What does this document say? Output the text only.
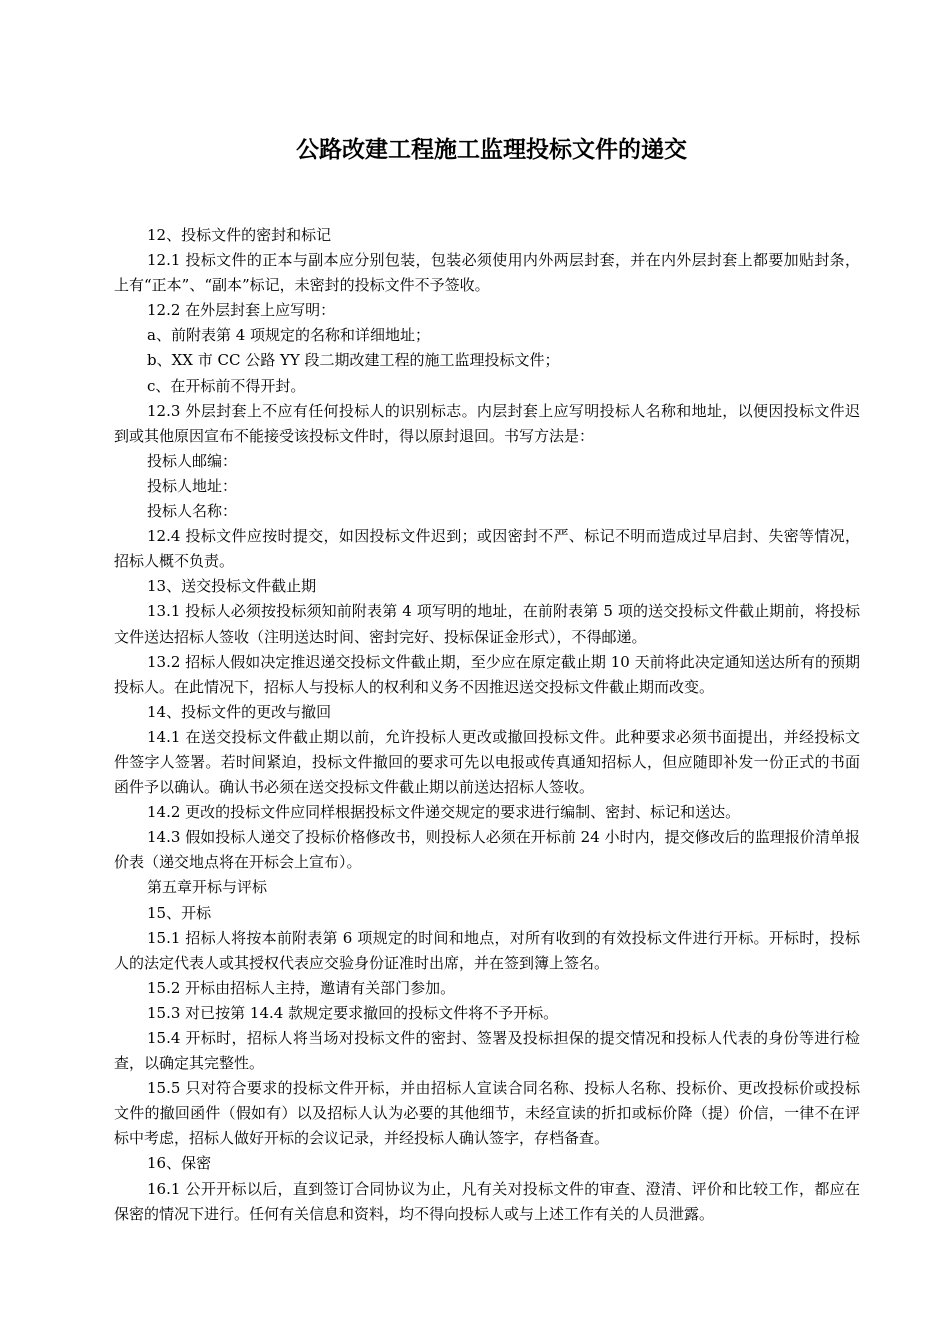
公路改建工程施工监理投标文件的递交

12、投标文件的密封和标记

12.1 投标文件的正本与副本应分别包装，包装必须使用内外两层封套，并在内外层封套上都要加贴封条，上有“正本”、“副本”标记，未密封的投标文件不予签收。

12.2 在外层封套上应写明：

a、前附表第 4 项规定的名称和详细地址；

b、XX 市 CC 公路 YY 段二期改建工程的施工监理投标文件；

c、在开标前不得开封。

12.3 外层封套上不应有任何投标人的识别标志。内层封套上应写明投标人名称和地址，以便因投标文件迟到或其他原因宣布不能接受该投标文件时，得以原封退回。书写方法是：

投标人邮编：

投标人地址：

投标人名称：

12.4 投标文件应按时提交，如因投标文件迟到；或因密封不严、标记不明而造成过早启封、失密等情况，招标人概不负责。

13、送交投标文件截止期

13.1 投标人必须按投标须知前附表第 4 项写明的地址，在前附表第 5 项的送交投标文件截止期前，将投标文件送达招标人签收（注明送达时间、密封完好、投标保证金形式），不得邮递。

13.2 招标人假如决定推迟递交投标文件截止期，至少应在原定截止期 10 天前将此决定通知送达所有的预期投标人。在此情况下，招标人与投标人的权利和义务不因推迟送交投标文件截止期而改变。

14、投标文件的更改与撤回

14.1 在送交投标文件截止期以前，允许投标人更改或撤回投标文件。此种要求必须书面提出，并经投标文件签字人签署。若时间紧迫，投标文件撤回的要求可先以电报或传真通知招标人，但应随即补发一份正式的书面函件予以确认。确认书必须在送交投标文件截止期以前送达招标人签收。

14.2 更改的投标文件应同样根据投标文件递交规定的要求进行编制、密封、标记和送达。

14.3 假如投标人递交了投标价格修改书，则投标人必须在开标前 24 小时内，提交修改后的监理报价清单报价表（递交地点将在开标会上宣布）。

第五章开标与评标

15、开标

15.1 招标人将按本前附表第 6 项规定的时间和地点，对所有收到的有效投标文件进行开标。开标时，投标人的法定代表人或其授权代表应交验身份证准时出席，并在签到簿上签名。

15.2 开标由招标人主持，邀请有关部门参加。

15.3 对已按第 14.4 款规定要求撤回的投标文件将不予开标。

15.4 开标时，招标人将当场对投标文件的密封、签署及投标担保的提交情况和投标人代表的身份等进行检查，以确定其完整性。

15.5 只对符合要求的投标文件开标，并由招标人宣读合同名称、投标人名称、投标价、更改投标价或投标文件的撤回函件（假如有）以及招标人认为必要的其他细节，未经宣读的折扣或标价降（提）价信，一律不在评标中考虑，招标人做好开标的会议记录，并经投标人确认签字，存档备查。

16、保密

16.1 公开开标以后，直到签订合同协议为止，凡有关对投标文件的审查、澄清、评价和比较工作，都应在保密的情况下进行。任何有关信息和资料，均不得向投标人或与上述工作有关的人员泄露。
